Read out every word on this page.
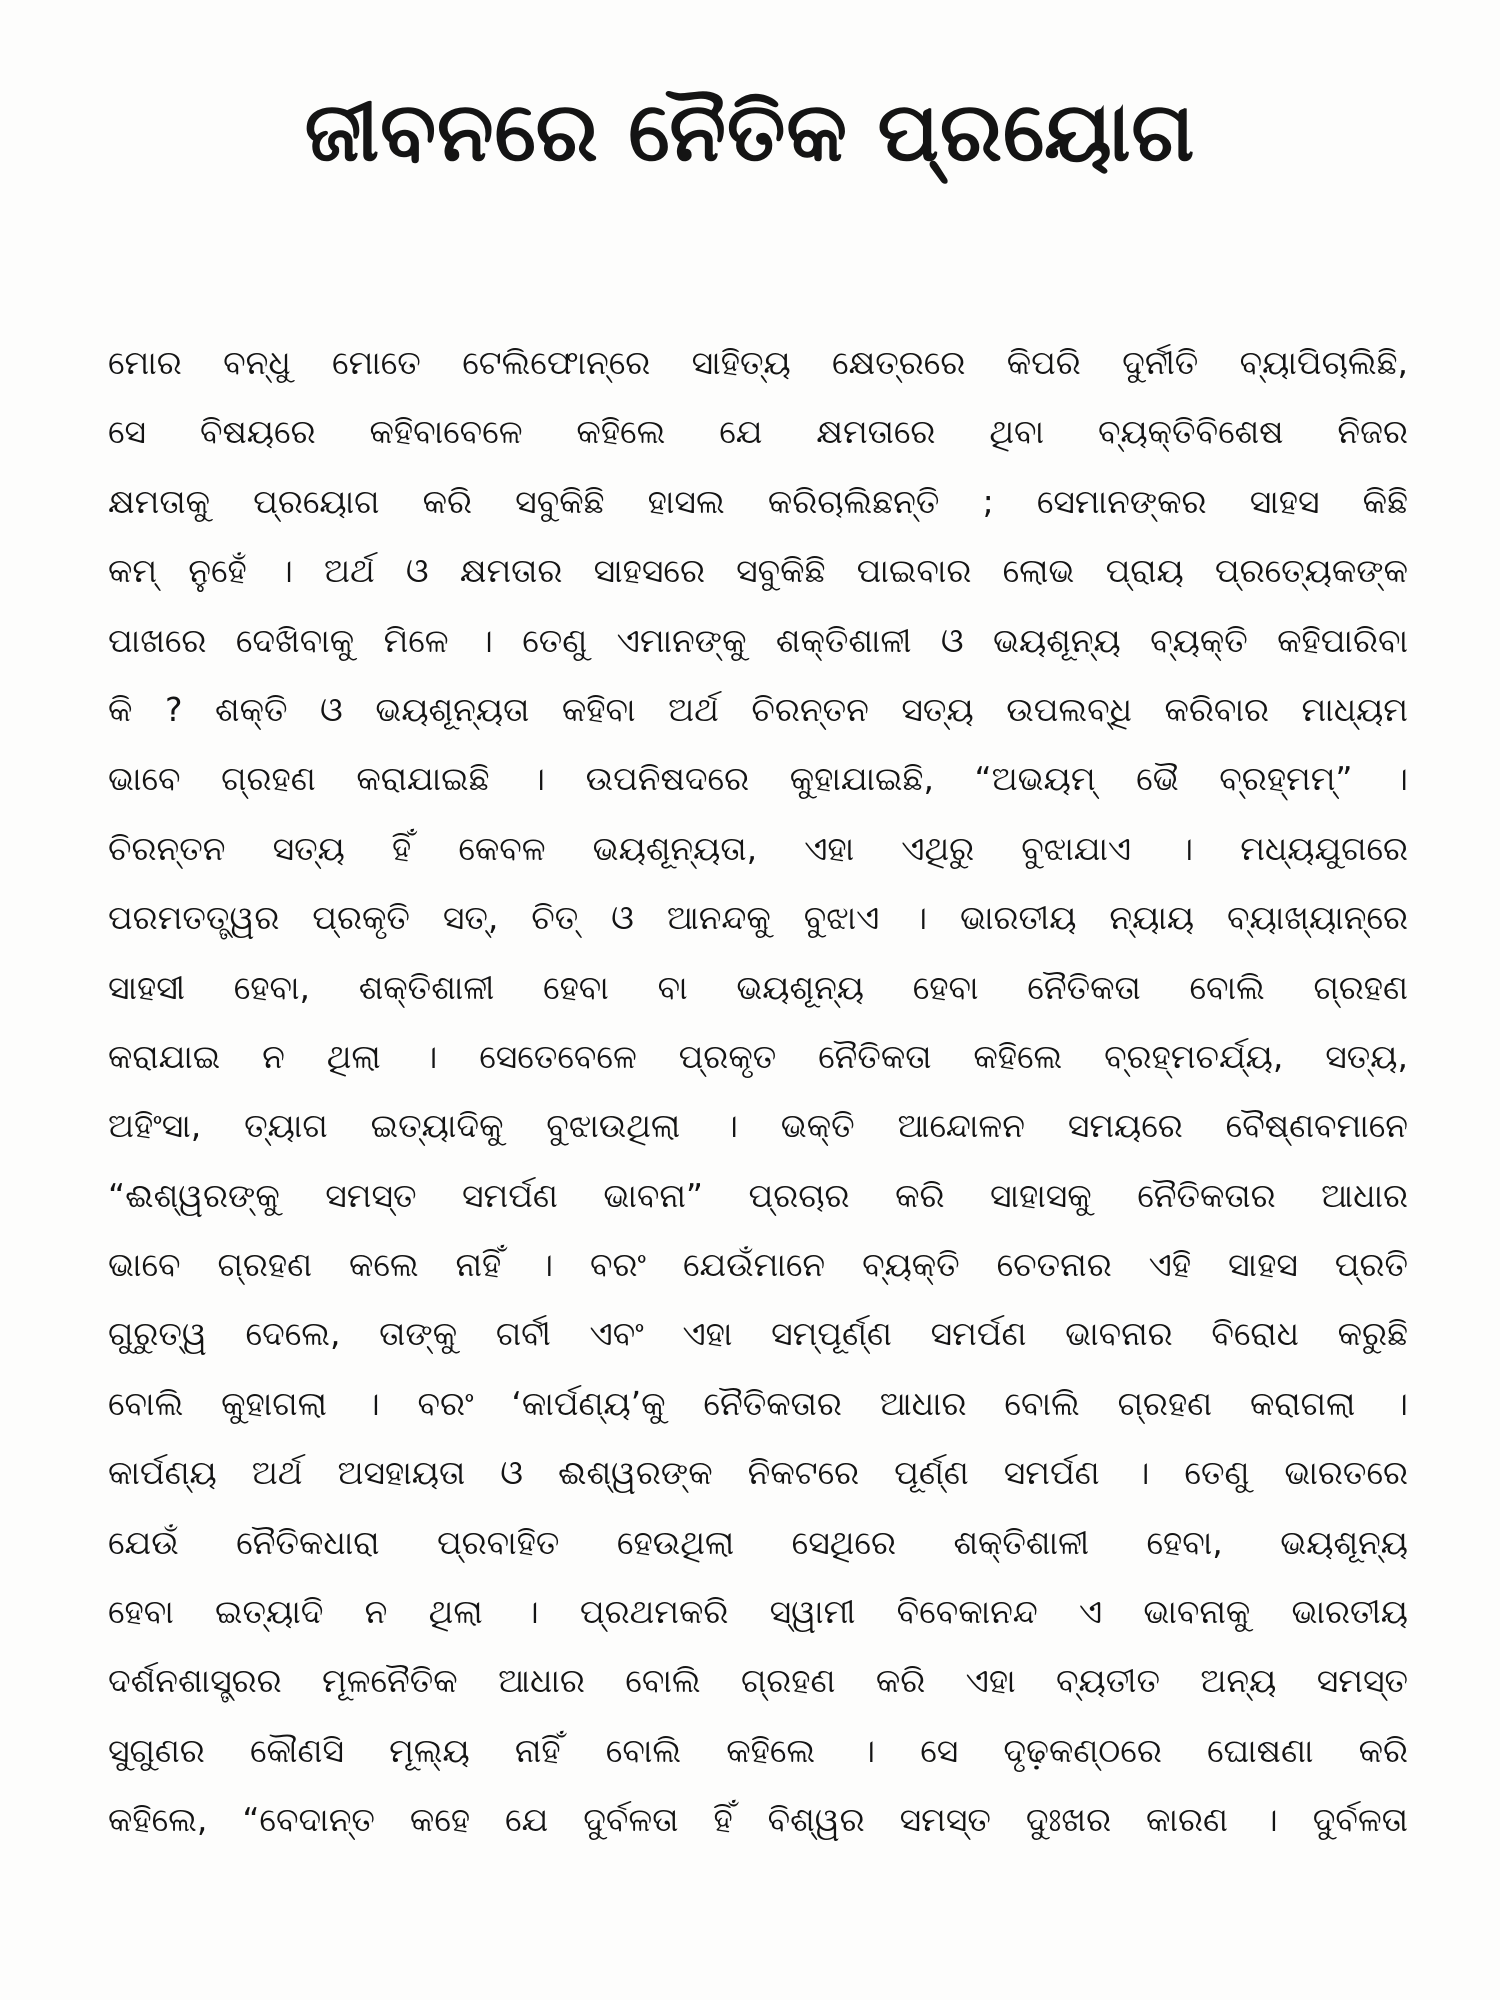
ଜୀବନରେ ନୈତିକ ପ୍ରୟୋଗ
ମୋର ବନ୍ଧୁ ମୋତେ ଟେଲିଫୋନ୍‌ରେ ସାହିତ୍ୟ କ୍ଷେତ୍ରରେ କିପରି ଦୁର୍ନୀତି ବ୍ୟାପିଚାଲିଛି,
ସେ ବିଷୟରେ କହିବାବେଳେ କହିଲେ ଯେ କ୍ଷମତାରେ ଥିବା ବ୍ୟକ୍ତିବିଶେଷ ନିଜର
କ୍ଷମତାକୁ ପ୍ରୟୋଗ କରି ସବୁକିଛି ହାସଲ କରିଚାଲିଛନ୍ତି ; ସେମାନଙ୍କର ସାହସ କିଛି
କମ୍ ନୁହେଁ । ଅର୍ଥ ଓ କ୍ଷମତାର ସାହସରେ ସବୁକିଛି ପାଇବାର ଲୋଭ ପ୍ରାୟ ପ୍ରତ୍ୟେକଙ୍କ
ପାଖରେ ଦେଖିବାକୁ ମିଳେ । ତେଣୁ ଏମାନଙ୍କୁ ଶକ୍ତିଶାଳୀ ଓ ଭୟଶୂନ୍ୟ ବ୍ୟକ୍ତି କହିପାରିବା
କି ? ଶକ୍ତି ଓ ଭୟଶୂନ୍ୟତା କହିବା ଅର୍ଥ ଚିରନ୍ତନ ସତ୍ୟ ଉପଲବ୍ଧି କରିବାର ମାଧ୍ୟମ
ଭାବେ ଗ୍ରହଣ କରାଯାଇଛି । ଉପନିଷଦରେ କୁହାଯାଇଛି, “ଅଭୟମ୍ ଭୈ ବ୍ରହ୍ମମ୍” ।
ଚିରନ୍ତନ ସତ୍ୟ ହିଁ କେବଳ ଭୟଶୂନ୍ୟତା, ଏହା ଏଥିରୁ ବୁଝାଯାଏ । ମଧ୍ୟଯୁଗରେ
ପରମତତ୍ତ୍ୱର ପ୍ରକୃତି ସତ୍, ଚିତ୍ ଓ ଆନନ୍ଦକୁ ବୁଝାଏ । ଭାରତୀୟ ନ୍ୟାୟ ବ୍ୟାଖ୍ୟାନ୍‌ରେ
ସାହସୀ ହେବା, ଶକ୍ତିଶାଳୀ ହେବା ବା ଭୟଶୂନ୍ୟ ହେବା ନୈତିକତା ବୋଲି ଗ୍ରହଣ
କରାଯାଇ ନ ଥିଲା । ସେତେବେଳେ ପ୍ରକୃତ ନୈତିକତା କହିଲେ ବ୍ରହ୍ମଚର୍ଯ୍ୟ, ସତ୍ୟ,
ଅହିଂସା, ତ୍ୟାଗ ଇତ୍ୟାଦିକୁ ବୁଝାଉଥିଲା । ଭକ୍ତି ଆନ୍ଦୋଳନ ସମୟରେ ବୈଷ୍ଣବମାନେ
“ଈଶ୍ୱରଙ୍କୁ ସମସ୍ତ ସମର୍ପଣ ଭାବନା” ପ୍ରଚାର କରି ସାହାସକୁ ନୈତିକତାର ଆଧାର
ଭାବେ ଗ୍ରହଣ କଲେ ନାହିଁ । ବରଂ ଯେଉଁମାନେ ବ୍ୟକ୍ତି ଚେତନାର ଏହି ସାହସ ପ୍ରତି
ଗୁରୁତ୍ୱ ଦେଲେ, ତାଙ୍କୁ ଗର୍ବୀ ଏବଂ ଏହା ସମ୍ପୂର୍ଣ୍ଣ ସମର୍ପଣ ଭାବନାର ବିରୋଧ କରୁଛି
ବୋଲି କୁହାଗଲା । ବରଂ ‘କାର୍ପଣ୍ୟ’କୁ ନୈତିକତାର ଆଧାର ବୋଲି ଗ୍ରହଣ କରାଗଲା ।
କାର୍ପଣ୍ୟ ଅର୍ଥ ଅସହାୟତା ଓ ଈଶ୍ୱରଙ୍କ ନିକଟରେ ପୂର୍ଣ୍ଣ ସମର୍ପଣ । ତେଣୁ ଭାରତରେ
ଯେଉଁ ନୈତିକଧାରା ପ୍ରବାହିତ ହେଉଥିଲା ସେଥିରେ ଶକ୍ତିଶାଳୀ ହେବା, ଭୟଶୂନ୍ୟ
ହେବା ଇତ୍ୟାଦି ନ ଥିଲା । ପ୍ରଥମକରି ସ୍ୱାମୀ ବିବେକାନନ୍ଦ ଏ ଭାବନାକୁ ଭାରତୀୟ
ଦର୍ଶନଶାସ୍ତ୍ରର ମୂଳନୈତିକ ଆଧାର ବୋଲି ଗ୍ରହଣ କରି ଏହା ବ୍ୟତୀତ ଅନ୍ୟ ସମସ୍ତ
ସୁଗୁଣର କୌଣସି ମୂଲ୍ୟ ନାହିଁ ବୋଲି କହିଲେ । ସେ ଦୃଢ଼କଣ୍ଠରେ ଘୋଷଣା କରି
କହିଲେ, “ବେଦାନ୍ତ କହେ ଯେ ଦୁର୍ବଳତା ହିଁ ବିଶ୍ୱର ସମସ୍ତ ଦୁଃଖର କାରଣ । ଦୁର୍ବଳତା
